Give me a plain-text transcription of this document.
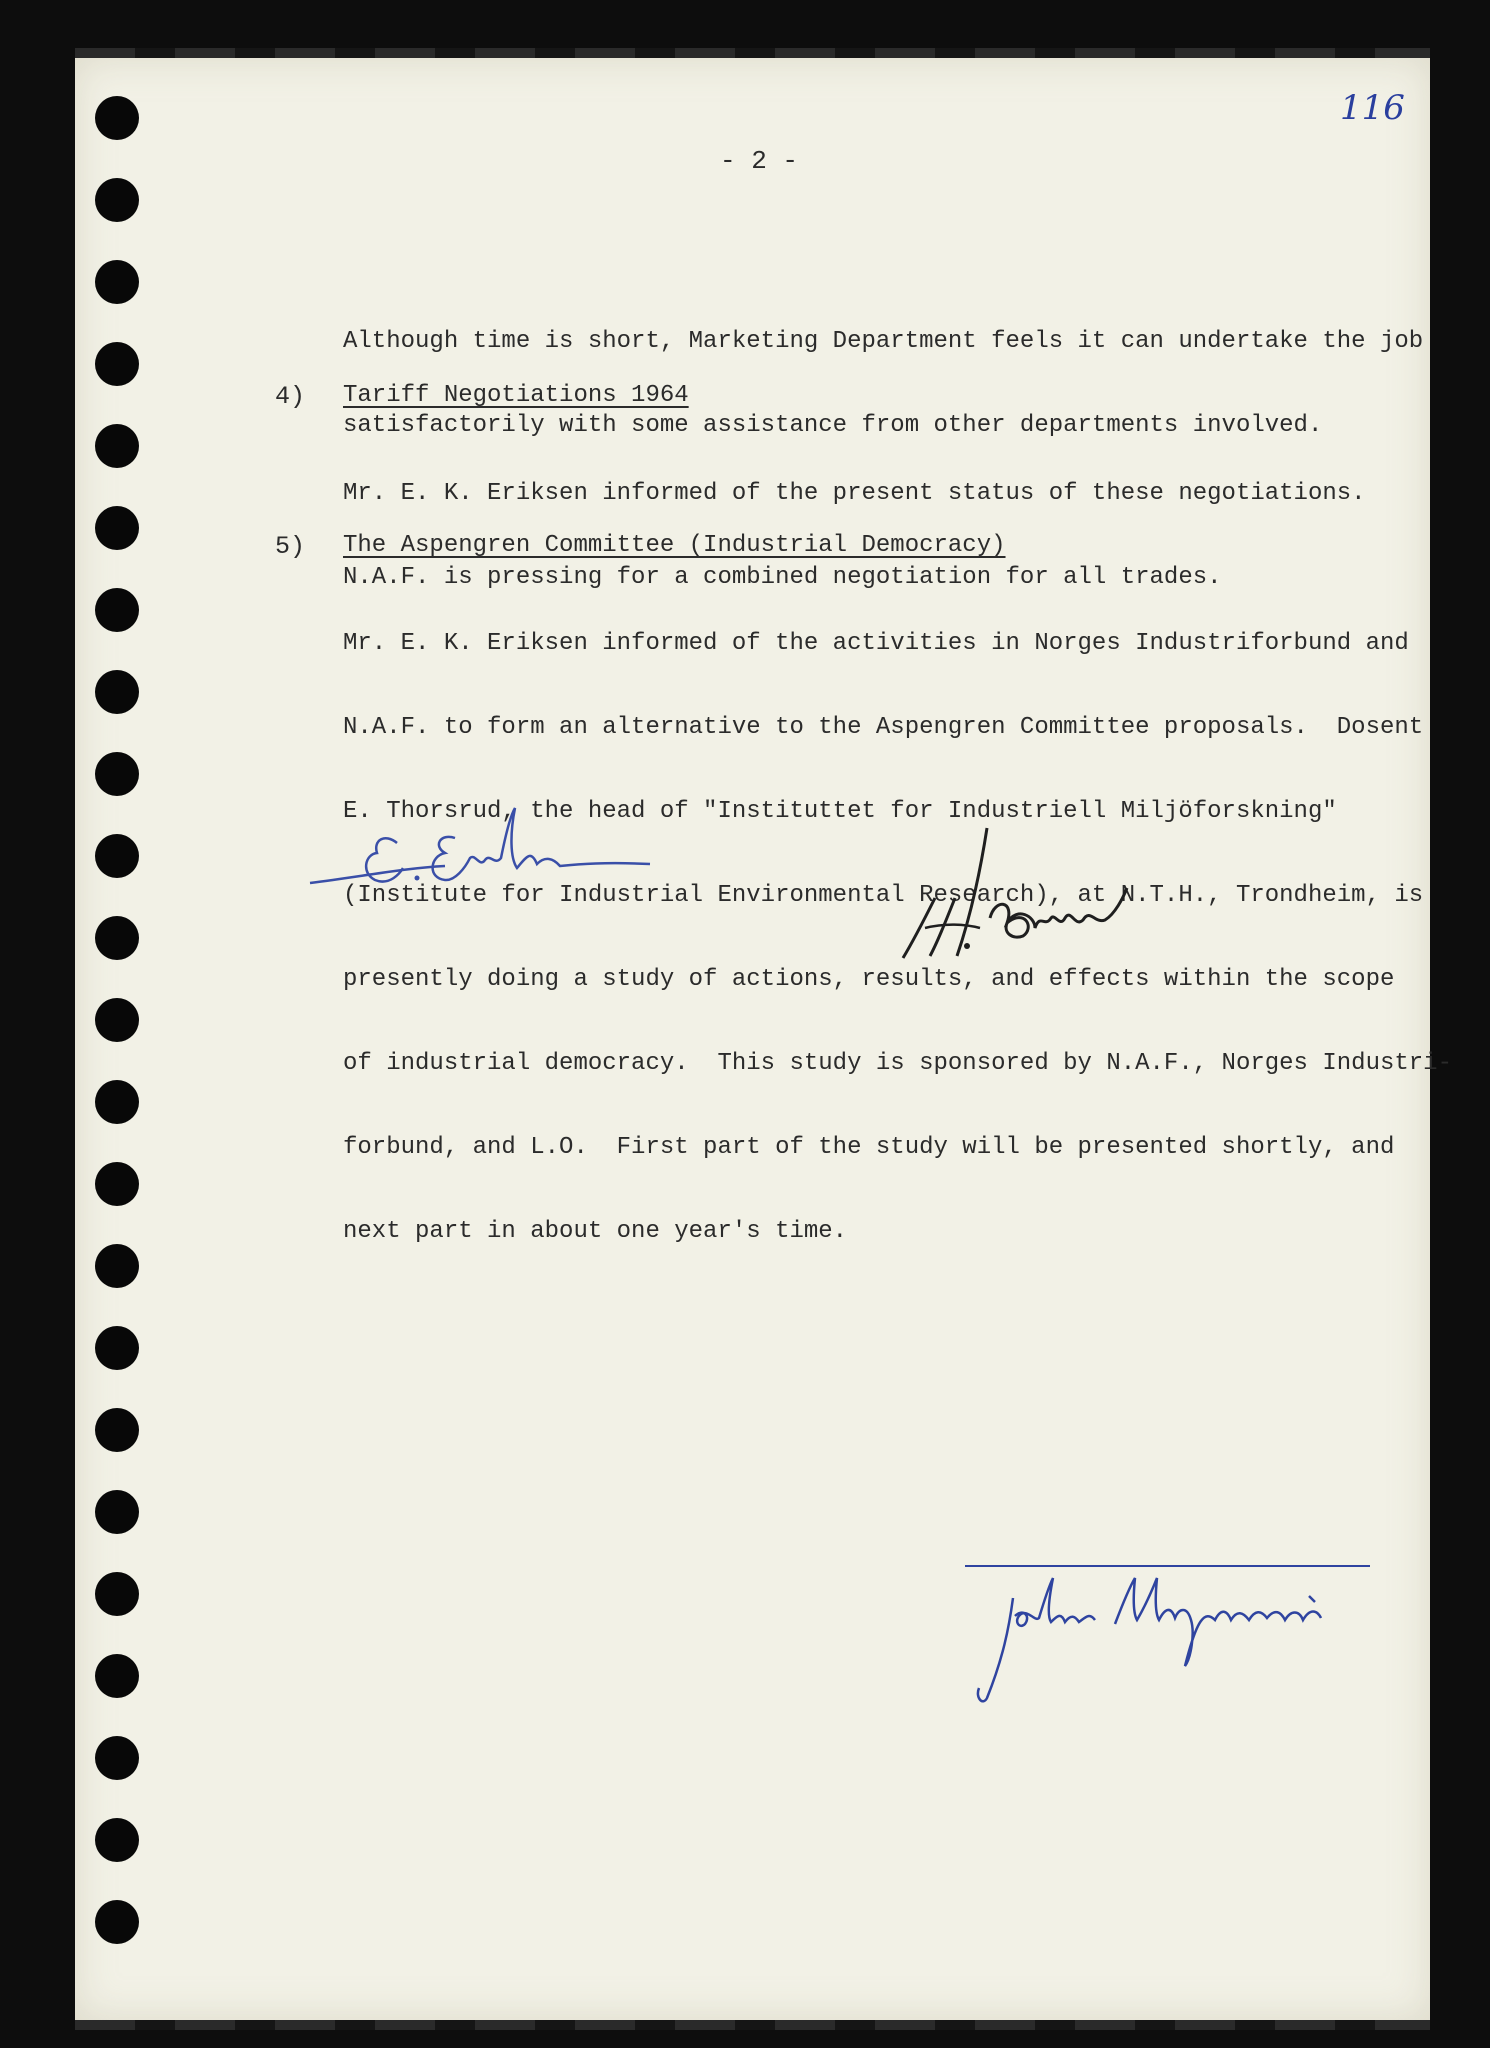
116
- 2 -

Although time is short, Marketing Department feels it can undertake the job

satisfactorily with some assistance from other departments involved.

4) Tariff Negotiations 1964

Mr. E. K. Eriksen informed of the present status of these negotiations.

N.A.F. is pressing for a combined negotiation for all trades.

5) The Aspengren Committee (Industrial Democracy)

Mr. E. K. Eriksen informed of the activities in Norges Industriforbund and

N.A.F. to form an alternative to the Aspengren Committee proposals.  Dosent

E. Thorsrud, the head of "Instituttet for Industriell Miljöforskning"

(Institute for Industrial Environmental Research), at N.T.H., Trondheim, is

presently doing a study of actions, results, and effects within the scope

of industrial democracy.  This study is sponsored by N.A.F., Norges Industri-

forbund, and L.O.  First part of the study will be presented shortly, and

next part in about one year's time.
